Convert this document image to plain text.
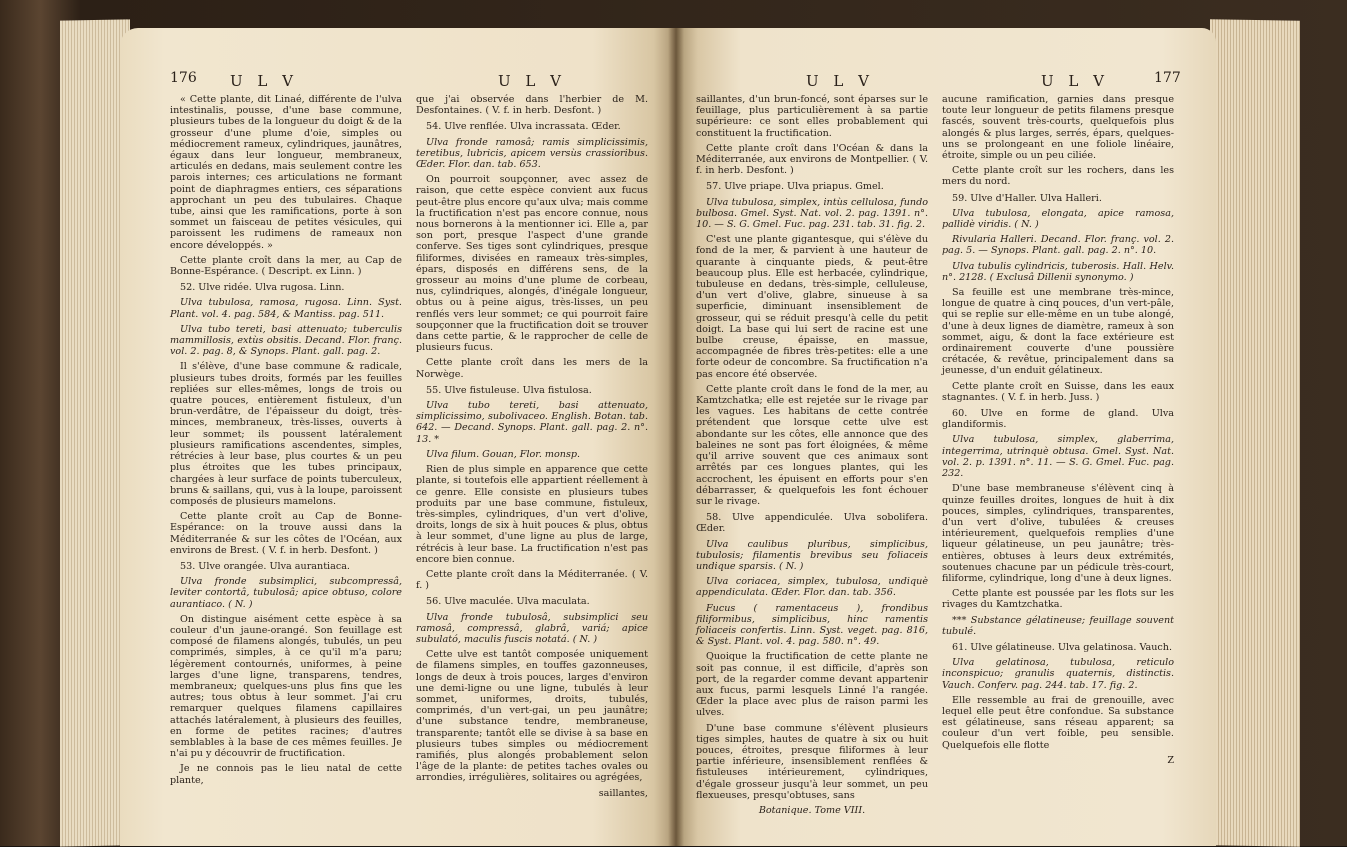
176 U L V	U L V

« Cette plante, dit Linaé, différente de l'ulva intestinalis, pousse, d'une base commune, plusieurs tubes de la longueur du doigt & de la grosseur d'une plume d'oie, simples ou médiocrement rameux, cylindriques, jaunâtres, égaux dans leur longueur, membraneux, articulés en dedans, mais seulement contre les parois internes; ces articulations ne formant point de diaphragmes entiers, ces séparations approchant un peu des tubulaires. Chaque tube, ainsi que les ramifications, porte à son sommet un faisceau de petites vésicules, qui paroissent les rudimens de rameaux non encore développés. »

Cette plante croît dans la mer, au Cap de Bonne-Espérance. ( Descript. ex Linn. )

52. Ulve ridée. Ulva rugosa. Linn.

Ulva tubulosa, ramosa, rugosa. Linn. Syst. Plant. vol. 4. pag. 584, & Mantiss. pag. 511.

Ulva tubo tereti, basi attenuato; tuberculis mammillosis, extùs obsitis. Decand. Flor. franç. vol. 2. pag. 8, & Synops. Plant. gall. pag. 2.

Il s'élève, d'une base commune & radicale, plusieurs tubes droits, formés par les feuilles repliées sur elles-mêmes, longs de trois ou quatre pouces, entièrement fistuleux, d'un brun-verdâtre, de l'épaisseur du doigt, très-minces, membraneux, très-lisses, ouverts à leur sommet; ils poussent latéralement plusieurs ramifications ascendentes, simples, rétrécies à leur base, plus courtes & un peu plus étroites que les tubes principaux, chargées à leur surface de points tuberculeux, bruns & saillans, qui, vus à la loupe, paroissent composés de plusieurs mamelons.

Cette plante croît au Cap de Bonne-Espérance: on la trouve aussi dans la Méditerranée & sur les côtes de l'Océan, aux environs de Brest. ( V. f. in herb. Desfont. )

53. Ulve orangée. Ulva aurantiaca.

Ulva fronde subsimplici, subcompressâ, leviter contortâ, tubulosâ; apice obtuso, colore aurantiaco. ( N. )

On distingue aisément cette espèce à sa couleur d'un jaune-orangé. Son feuillage est composé de filamens alongés, tubulés, un peu comprimés, simples, à ce qu'il m'a paru; légèrement contournés, uniformes, à peine larges d'une ligne, transparens, tendres, membraneux; quelques-uns plus fins que les autres; tous obtus à leur sommet. J'ai cru remarquer quelques filamens capillaires attachés latéralement, à plusieurs des feuilles, en forme de petites racines; d'autres semblables à la base de ces mêmes feuilles. Je n'ai pu y découvrir de fructification.

Je ne connois pas le lieu natal de cette plante,

que j'ai observée dans l'herbier de M. Desfontaines. ( V. f. in herb. Desfont. )

54. Ulve renflée. Ulva incrassata. Œder.

Ulva fronde ramosâ; ramis simplicissimis, teretibus, lubricis, apicem versùs crassioribus. Œder. Flor. dan. tab. 653.

On pourroit soupçonner, avec assez de raison, que cette espèce convient aux fucus peut-être plus encore qu'aux ulva; mais comme la fructification n'est pas encore connue, nous nous bornerons à la mentionner ici. Elle a, par son port, presque l'aspect d'une grande conferve. Ses tiges sont cylindriques, presque filiformes, divisées en rameaux très-simples, épars, disposés en différens sens, de la grosseur au moins d'une plume de corbeau, nus, cylindriques, alongés, d'inégale longueur, obtus ou à peine aigus, très-lisses, un peu renflés vers leur sommet; ce qui pourroit faire soupçonner que la fructification doit se trouver dans cette partie, & le rapprocher de celle de plusieurs fucus.

Cette plante croît dans les mers de la Norwège.

55. Ulve fistuleuse. Ulva fistulosa.

Ulva tubo tereti, basi attenuato, simplicissimo, subolivaceo. English. Botan. tab. 642. — Decand. Synops. Plant. gall. pag. 2. n°. 13. *

Ulva filum. Gouan, Flor. monsp.

Rien de plus simple en apparence que cette plante, si toutefois elle appartient réellement à ce genre. Elle consiste en plusieurs tubes produits par une base commune, fistuleux, très-simples, cylindriques, d'un vert d'olive, droits, longs de six à huit pouces & plus, obtus à leur sommet, d'une ligne au plus de large, rétrécis à leur base. La fructification n'est pas encore bien connue.

Cette plante croît dans la Méditerranée. ( V. f. )

56. Ulve maculée. Ulva maculata.

Ulva fronde tubulosâ, subsimplici seu ramosâ, compressâ, glabrâ, variá; apice subulató, maculis fuscis notatá. ( N. )

Cette ulve est tantôt composée uniquement de filamens simples, en touffes gazonneuses, longs de deux à trois pouces, larges d'environ une demi-ligne ou une ligne, tubulés à leur sommet, uniformes, droits, tubulés, comprimés, d'un vert-gai, un peu jaunâtre; d'une substance tendre, membraneuse, transparente; tantôt elle se divise à sa base en plusieurs tubes simples ou médiocrement ramifiés, plus alongés probablement selon l'âge de la plante: de petites taches ovales ou arrondies, irrégulières, solitaires ou agrégées,

saillantes,

U L V	U L V	177

saillantes, d'un brun-foncé, sont éparses sur le feuillage, plus particulièrement à sa partie supérieure: ce sont elles probablement qui constituent la fructification.

Cette plante croît dans l'Océan & dans la Méditerranée, aux environs de Montpellier. ( V. f. in herb. Desfont. )

57. Ulve priape. Ulva priapus. Gmel.

Ulva tubulosa, simplex, intùs cellulosa, fundo bulbosa. Gmel. Syst. Nat. vol. 2. pag. 1391. n°. 10. — S. G. Gmel. Fuc. pag. 231. tab. 31. fig. 2.

C'est une plante gigantesque, qui s'élève du fond de la mer, & parvient à une hauteur de quarante à cinquante pieds, & peut-être beaucoup plus. Elle est herbacée, cylindrique, tubuleuse en dedans, très-simple, celluleuse, d'un vert d'olive, glabre, sinueuse à sa superficie, diminuant insensiblement de grosseur, qui se réduit presqu'à celle du petit doigt. La base qui lui sert de racine est une bulbe creuse, épaisse, en massue, accompagnée de fibres très-petites: elle a une forte odeur de concombre. Sa fructification n'a pas encore été observée.

Cette plante croît dans le fond de la mer, au Kamtzchatka; elle est rejetée sur le rivage par les vagues. Les habitans de cette contrée prétendent que lorsque cette ulve est abondante sur les côtes, elle annonce que des baleines ne sont pas fort éloignées, & même qu'il arrive souvent que ces animaux sont arrêtés par ces longues plantes, qui les accrochent, les épuisent en efforts pour s'en débarrasser, & quelquefois les font échouer sur le rivage.

58. Ulve appendiculée. Ulva sobolifera. Œder.

Ulva caulibus pluribus, simplicibus, tubulosis; filamentis brevibus seu foliaceis undique sparsis. ( N. )

Ulva coriacea, simplex, tubulosa, undiquè appendiculata. Œder. Flor. dan. tab. 356.

Fucus ( ramentaceus ), frondibus filiformibus, simplicibus, hinc ramentis foliaceis confertis. Linn. Syst. veget. pag. 816, & Syst. Plant. vol. 4. pag. 580. n°. 49.

Quoique la fructification de cette plante ne soit pas connue, il est difficile, d'après son port, de la regarder comme devant appartenir aux fucus, parmi lesquels Linné l'a rangée. Œder la place avec plus de raison parmi les ulves.

D'une base commune s'élèvent plusieurs tiges simples, hautes de quatre à six ou huit pouces, étroites, presque filiformes à leur partie inférieure, insensiblement renflées & fistuleuses intérieurement, cylindriques, d'égale grosseur jusqu'à leur sommet, un peu flexueuses, presqu'obtuses, sans

Botanique. Tome VIII.

aucune ramification, garnies dans presque toute leur longueur de petits filamens presque fascés, souvent très-courts, quelquefois plus alongés & plus larges, serrés, épars, quelques-uns se prolongeant en une foliole linéaire, étroite, simple ou un peu ciliée.

Cette plante croît sur les rochers, dans les mers du nord.

59. Ulve d'Haller. Ulva Halleri.

Ulva tubulosa, elongata, apice ramosa, pallidè viridis. ( N. )

Rivularia Halleri. Decand. Flor. franç. vol. 2. pag. 5. — Synops. Plant. gall. pag. 2. n°. 10.

Ulva tubulis cylindricis, tuberosis. Hall. Helv. n°. 2128. ( Exclusâ Dillenii synonymo. )

Sa feuille est une membrane très-mince, longue de quatre à cinq pouces, d'un vert-pâle, qui se replie sur elle-même en un tube alongé, d'une à deux lignes de diamètre, rameux à son sommet, aigu, & dont la face extérieure est ordinairement couverte d'une poussière crétacée, & revêtue, principalement dans sa jeunesse, d'un enduit gélatineux.

Cette plante croît en Suisse, dans les eaux stagnantes. ( V. f. in herb. Juss. )

60. Ulve en forme de gland. Ulva glandiformis.

Ulva tubulosa, simplex, glaberrima, integerrima, utrinquè obtusa. Gmel. Syst. Nat. vol. 2. p. 1391. n°. 11. — S. G. Gmel. Fuc. pag. 232.

D'une base membraneuse s'élèvent cinq à quinze feuilles droites, longues de huit à dix pouces, simples, cylindriques, transparentes, d'un vert d'olive, tubulées & creuses intérieurement, quelquefois remplies d'une liqueur gélatineuse, un peu jaunâtre; très-entières, obtuses à leurs deux extrémités, soutenues chacune par un pédicule très-court, filiforme, cylindrique, long d'une à deux lignes.

Cette plante est poussée par les flots sur les rivages du Kamtzchatka.

*** Substance gélatineuse; feuillage souvent tubulé.

61. Ulve gélatineuse. Ulva gelatinosa. Vauch.

Ulva gelatinosa, tubulosa, reticulo inconspicuo; granulis quaternis, distinctis. Vauch. Conferv. pag. 244. tab. 17. fig. 2.

Elle ressemble au frai de grenouille, avec lequel elle peut être confondue. Sa substance est gélatineuse, sans réseau apparent; sa couleur d'un vert foible, peu sensible. Quelquefois elle flotte

Z
